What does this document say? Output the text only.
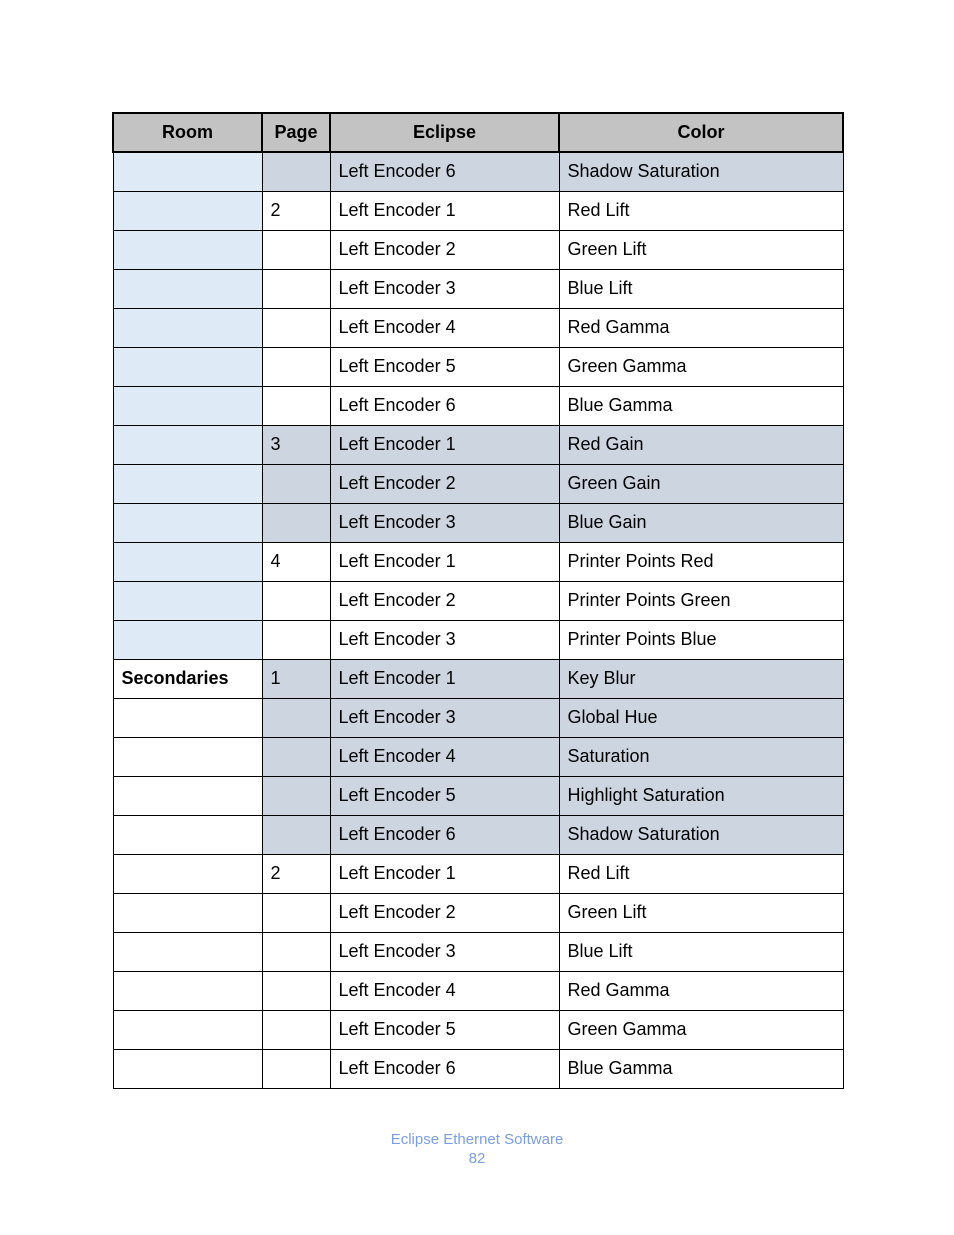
Room	Page	Eclipse	Color
		Left Encoder 6	Shadow Saturation
	2	Left Encoder 1	Red Lift
		Left Encoder 2	Green Lift
		Left Encoder 3	Blue Lift
		Left Encoder 4	Red Gamma
		Left Encoder 5	Green Gamma
		Left Encoder 6	Blue Gamma
	3	Left Encoder 1	Red Gain
		Left Encoder 2	Green Gain
		Left Encoder 3	Blue Gain
	4	Left Encoder 1	Printer Points Red
		Left Encoder 2	Printer Points Green
		Left Encoder 3	Printer Points Blue
Secondaries	1	Left Encoder 1	Key Blur
		Left Encoder 3	Global Hue
		Left Encoder 4	Saturation
		Left Encoder 5	Highlight Saturation
		Left Encoder 6	Shadow Saturation
	2	Left Encoder 1	Red Lift
		Left Encoder 2	Green Lift
		Left Encoder 3	Blue Lift
		Left Encoder 4	Red Gamma
		Left Encoder 5	Green Gamma
		Left Encoder 6	Blue Gamma
Eclipse Ethernet Software
82
